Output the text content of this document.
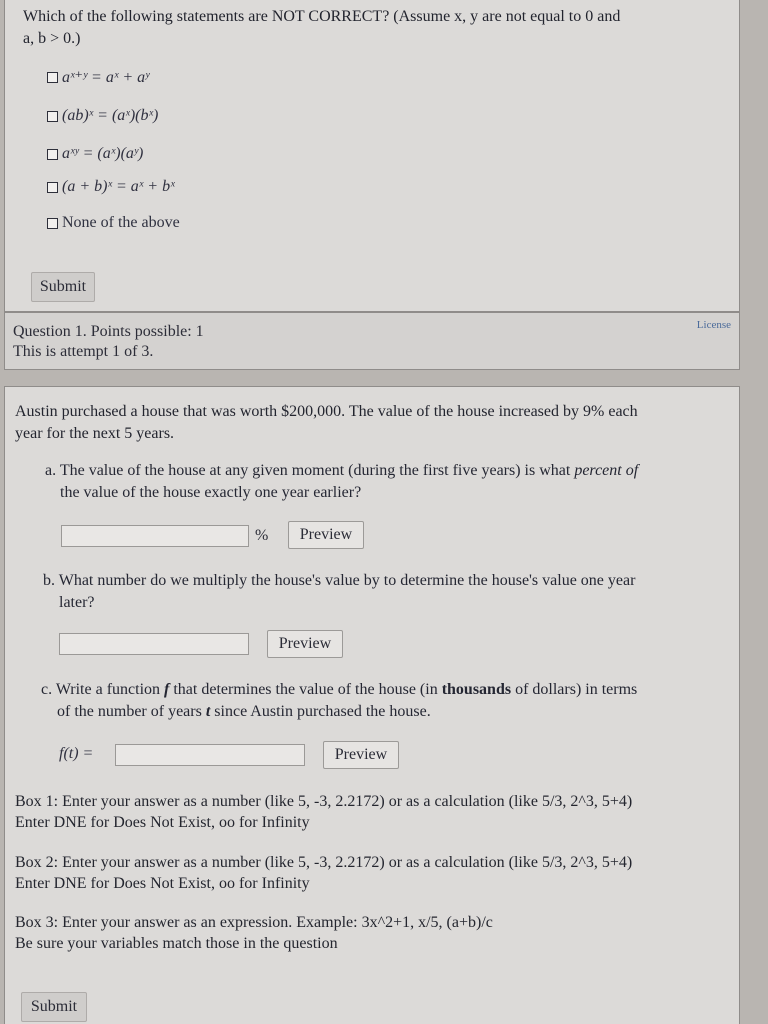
Which of the following statements are NOT CORRECT? (Assume x, y are not equal to 0 and
a, b > 0.)
aˣ⁺ʸ = aˣ + aʸ
(ab)ˣ = (aˣ)(bˣ)
aˣʸ = (aˣ)(aʸ)
(a + b)ˣ = aˣ + bˣ
None of the above
Submit
Question 1. Points possible: 1
This is attempt 1 of 3.
License
Austin purchased a house that was worth $200,000. The value of the house increased by 9% each
year for the next 5 years.
a. The value of the house at any given moment (during the first five years) is what percent of
the value of the house exactly one year earlier?
%	Preview
b. What number do we multiply the house's value by to determine the house's value one year
later?
Preview
c. Write a function f that determines the value of the house (in thousands of dollars) in terms
of the number of years t since Austin purchased the house.
f(t) =	Preview
Box 1: Enter your answer as a number (like 5, -3, 2.2172) or as a calculation (like 5/3, 2^3, 5+4)
Enter DNE for Does Not Exist, oo for Infinity
Box 2: Enter your answer as a number (like 5, -3, 2.2172) or as a calculation (like 5/3, 2^3, 5+4)
Enter DNE for Does Not Exist, oo for Infinity
Box 3: Enter your answer as an expression. Example: 3x^2+1, x/5, (a+b)/c
Be sure your variables match those in the question
Submit
